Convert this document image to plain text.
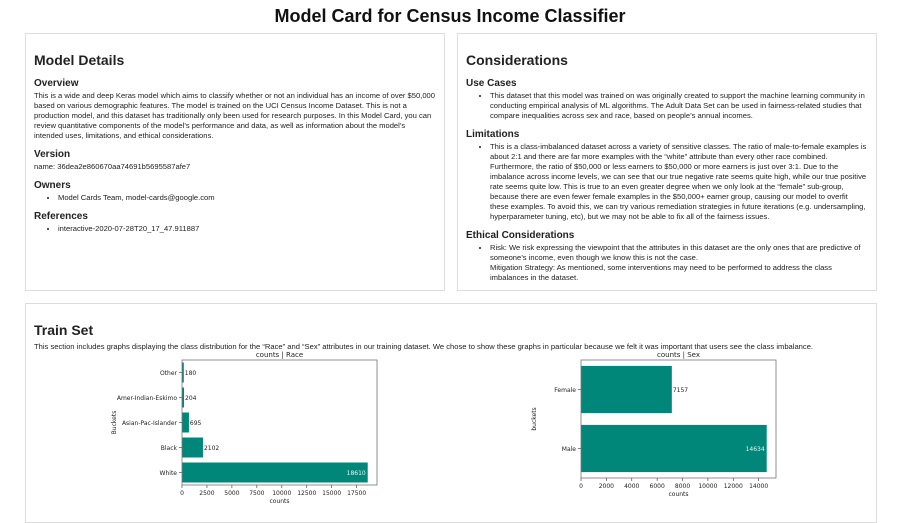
Model Card for Census Income Classifier
Model Details
Overview

This is a wide and deep Keras model which aims to classify whether or not an individual has an income of over $50,000 based on various demographic features. The model is trained on the UCI Census Income Dataset. This is not a production model, and this dataset has traditionally only been used for research purposes. In this Model Card, you can review quantitative components of the model’s performance and data, as well as information about the model’s intended uses, limitations, and ethical considerations.

Version

name: 36dea2e860670aa74691b5695587afe7

Owners
• Model Cards Team, model-cards@google.com
References
• interactive-2020-07-28T20_17_47.911887
Considerations
Use Cases
• This dataset that this model was trained on was originally created to support the machine learning community in conducting empirical analysis of ML algorithms. The Adult Data Set can be used in fairness-related studies that compare inequalities across sex and race, based on people’s annual incomes.
Limitations
• This is a class-imbalanced dataset across a variety of sensitive classes. The ratio of male-to-female examples is about 2:1 and there are far more examples with the “white” attribute than every other race combined. Furthermore, the ratio of $50,000 or less earners to $50,000 or more earners is just over 3:1. Due to the imbalance across income levels, we can see that our true negative rate seems quite high, while our true positive rate seems quite low. This is true to an even greater degree when we only look at the “female” sub-group, because there are even fewer female examples in the $50,000+ earner group, causing our model to overfit these examples. To avoid this, we can try various remediation strategies in future iterations (e.g. undersampling, hyperparameter tuning, etc), but we may not be able to fix all of the fairness issues.
Ethical Considerations
• Risk: We risk expressing the viewpoint that the attributes in this dataset are the only ones that are predictive of someone’s income, even though we know this is not the case.
Mitigation Strategy: As mentioned, some interventions may need to be performed to address the class imbalances in the dataset.
Train Set

This section includes graphs displaying the class distribution for the “Race” and “Sex” attributes in our training dataset. We chose to show these graphs in particular because we felt it was important that users see the class imbalance.

counts | Race
White	18610
Black	2102
Asian-Pac-Islander 695
Amer-Indian-Eskimo 204
Other 180
0	2500 5000 7500 10000 12500 15000 17500
counts
Buckets
counts | Sex
Male	14634
Female	7157
0	2000 4000 6000 8000 10000 12000 14000
counts
buckets
